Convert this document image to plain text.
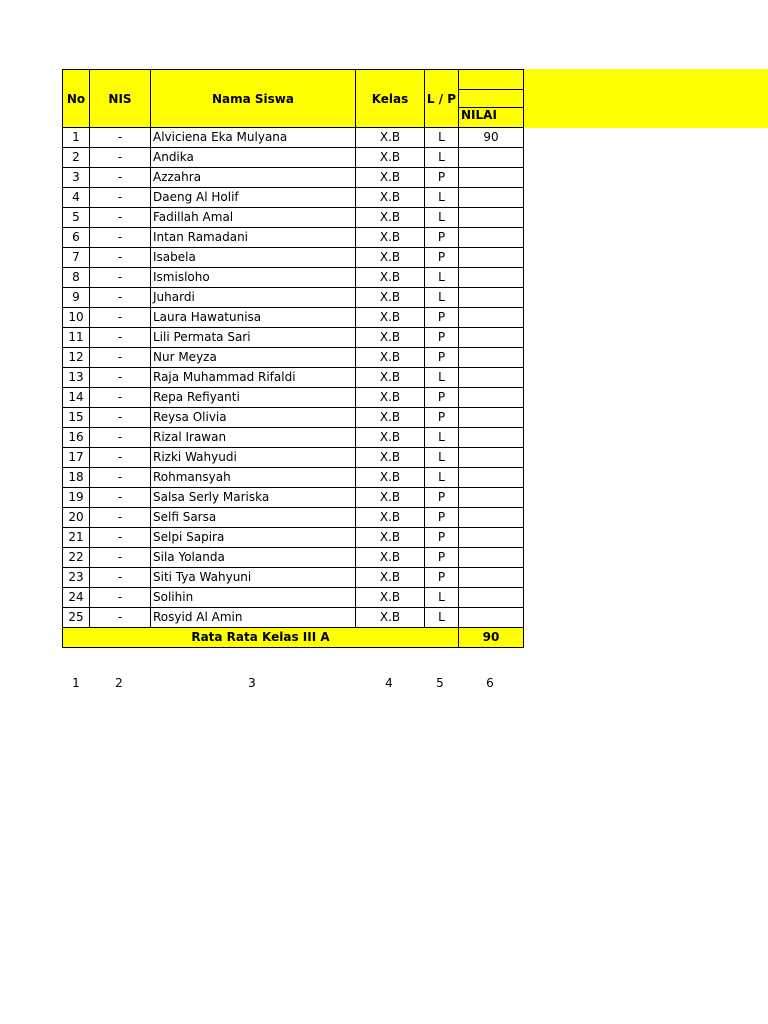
No	NIS	Nama Siswa	Kelas	L / P	NILAI

1	-	Alviciena Eka Mulyana	X.B	L	90
2	-	Andika	X.B	L	
3	-	Azzahra	X.B	P	
4	-	Daeng Al Holif	X.B	L	
5	-	Fadillah Amal	X.B	L	
6	-	Intan Ramadani	X.B	P	
7	-	Isabela	X.B	P	
8	-	Ismisloho	X.B	L	
9	-	Juhardi	X.B	L	
10	-	Laura Hawatunisa	X.B	P	
11	-	Lili Permata Sari	X.B	P	
12	-	Nur Meyza	X.B	P	
13	-	Raja Muhammad Rifaldi	X.B	L	
14	-	Repa Refiyanti	X.B	P	
15	-	Reysa Olivia	X.B	P	
16	-	Rizal Irawan	X.B	L	
17	-	Rizki Wahyudi	X.B	L	
18	-	Rohmansyah	X.B	L	
19	-	Salsa Serly Mariska	X.B	P	
20	-	Selfi Sarsa	X.B	P	
21	-	Selpi Sapira	X.B	P	
22	-	Sila Yolanda	X.B	P	
23	-	Siti Tya Wahyuni	X.B	P	
24	-	Solihin	X.B	L	
25	-	Rosyid Al Amin	X.B	L	
Rata Rata Kelas III A					90
1	2	3	4	5	6
